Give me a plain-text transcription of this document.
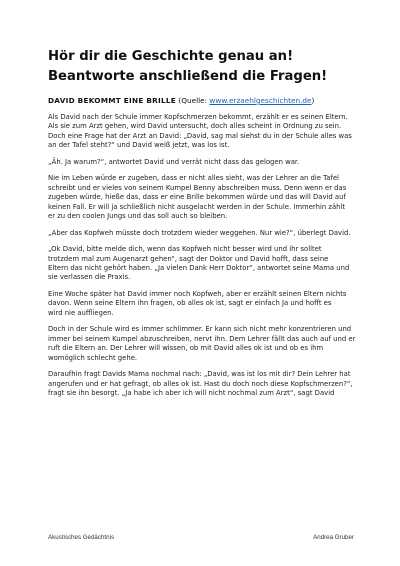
Hör dir die Geschichte genau an! Beantworte anschließend die Fragen!
DAVID BEKOMMT EINE BRILLE (Quelle: www.erzaehlgeschichten.de)

Als David nach der Schule immer Kopfschmerzen bekommt, erzählt er es seinen Eltern.
Als sie zum Arzt gehen, wird David untersucht, doch alles scheint in Ordnung zu sein.
Doch eine Frage hat der Arzt an David: „David, sag mal siehst du in der Schule alles was
an der Tafel steht?“ und David weiß jetzt, was los ist.

„Äh. Ja warum?“, antwortet David und verrät nicht dass das gelogen war.

Nie im Leben würde er zugeben, dass er nicht alles sieht, was der Lehrer an die Tafel
schreibt und er vieles von seinem Kumpel Benny abschreiben muss. Denn wenn er das
zugeben würde, hieße das, dass er eine Brille bekommen würde und das will David auf
keinen Fall. Er will ja schließlich nicht ausgelacht werden in der Schule. Immerhin zählt
er zu den coolen Jungs und das soll auch so bleiben.

„Aber das Kopfweh müsste doch trotzdem wieder weggehen. Nur wie?“, überlegt David.

„Ok David, bitte melde dich, wenn das Kopfweh nicht besser wird und ihr solltet
trotzdem mal zum Augenarzt gehen“, sagt der Doktor und David hofft, dass seine
Eltern das nicht gehört haben. „Ja vielen Dank Herr Doktor“, antwortet seine Mama und
sie verlassen die Praxis.

Eine Woche später hat David immer noch Kopfweh, aber er erzählt seinen Eltern nichts
davon. Wenn seine Eltern ihn fragen, ob alles ok ist, sagt er einfach Ja und hofft es
wird nie auffliegen.

Doch in der Schule wird es immer schlimmer. Er kann sich nicht mehr konzentrieren und
immer bei seinem Kumpel abzuschreiben, nervt ihn. Dem Lehrer fällt das auch auf und er
ruft die Eltern an. Der Lehrer will wissen, ob mit David alles ok ist und ob es ihm
womöglich schlecht gehe.

Daraufhin fragt Davids Mama nochmal nach: „David, was ist los mit dir? Dein Lehrer hat
angerufen und er hat gefragt, ob alles ok ist. Hast du doch noch diese Kopfschmerzen?“,
fragt sie ihn besorgt. „Ja habe ich aber ich will nicht nochmal zum Arzt“, sagt David

Akustisches Gedächtnis	Andrea Gruber
